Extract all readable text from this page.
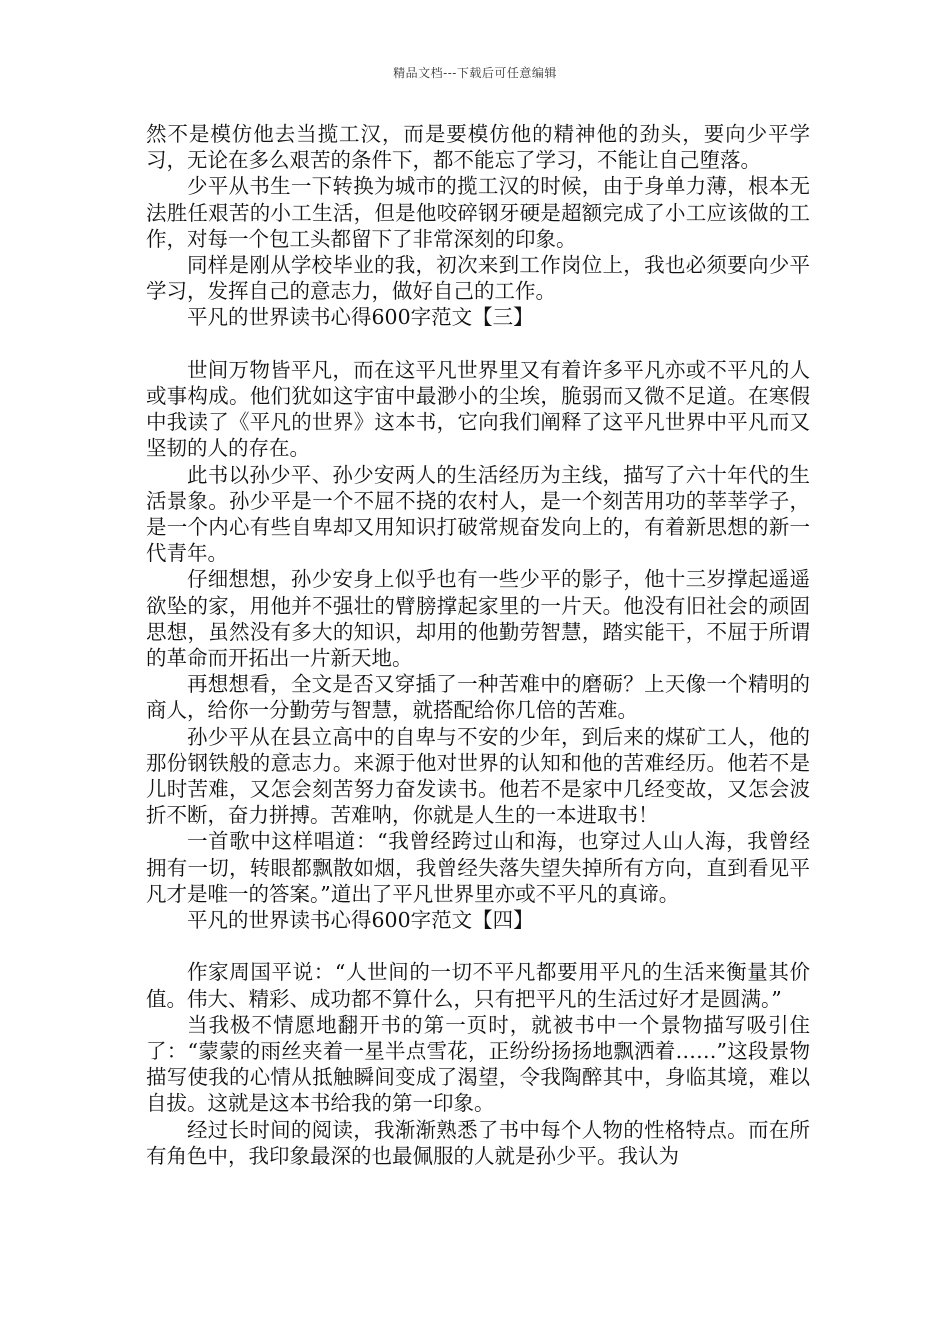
精品文档---下载后可任意编辑

然不是模仿他去当揽工汉，而是要模仿他的精神他的劲头，要向少平学习，无论在多么艰苦的条件下，都不能忘了学习，不能让自己堕落。

少平从书生一下转换为城市的揽工汉的时候，由于身单力薄，根本无法胜任艰苦的小工生活，但是他咬碎钢牙硬是超额完成了小工应该做的工作，对每一个包工头都留下了非常深刻的印象。

同样是刚从学校毕业的我，初次来到工作岗位上，我也必须要向少平学习，发挥自己的意志力，做好自己的工作。

平凡的世界读书心得600字范文【三】

世间万物皆平凡，而在这平凡世界里又有着许多平凡亦或不平凡的人或事构成。他们犹如这宇宙中最渺小的尘埃，脆弱而又微不足道。在寒假中我读了《平凡的世界》这本书，它向我们阐释了这平凡世界中平凡而又坚韧的人的存在。

此书以孙少平、孙少安两人的生活经历为主线，描写了六十年代的生活景象。孙少平是一个不屈不挠的农村人，是一个刻苦用功的莘莘学子，是一个内心有些自卑却又用知识打破常规奋发向上的，有着新思想的新一代青年。

仔细想想，孙少安身上似乎也有一些少平的影子，他十三岁撑起遥遥欲坠的家，用他并不强壮的臂膀撑起家里的一片天。他没有旧社会的顽固思想，虽然没有多大的知识，却用的他勤劳智慧，踏实能干，不屈于所谓的革命而开拓出一片新天地。

再想想看，全文是否又穿插了一种苦难中的磨砺？上天像一个精明的商人，给你一分勤劳与智慧，就搭配给你几倍的苦难。

孙少平从在县立高中的自卑与不安的少年，到后来的煤矿工人，他的那份钢铁般的意志力。来源于他对世界的认知和他的苦难经历。他若不是儿时苦难，又怎会刻苦努力奋发读书。他若不是家中几经变故，又怎会波折不断，奋力拼搏。苦难呐，你就是人生的一本进取书！

一首歌中这样唱道：“我曾经跨过山和海，也穿过人山人海，我曾经拥有一切，转眼都飘散如烟，我曾经失落失望失掉所有方向，直到看见平凡才是唯一的答案。”道出了平凡世界里亦或不平凡的真谛。

平凡的世界读书心得600字范文【四】

作家周国平说：“人世间的一切不平凡都要用平凡的生活来衡量其价值。伟大、精彩、成功都不算什么，只有把平凡的生活过好才是圆满。”

当我极不情愿地翻开书的第一页时，就被书中一个景物描写吸引住了：“蒙蒙的雨丝夹着一星半点雪花，正纷纷扬扬地飘洒着……”这段景物描写使我的心情从抵触瞬间变成了渴望，令我陶醉其中，身临其境，难以自拔。这就是这本书给我的第一印象。

经过长时间的阅读，我渐渐熟悉了书中每个人物的性格特点。而在所有角色中，我印象最深的也最佩服的人就是孙少平。我认为
